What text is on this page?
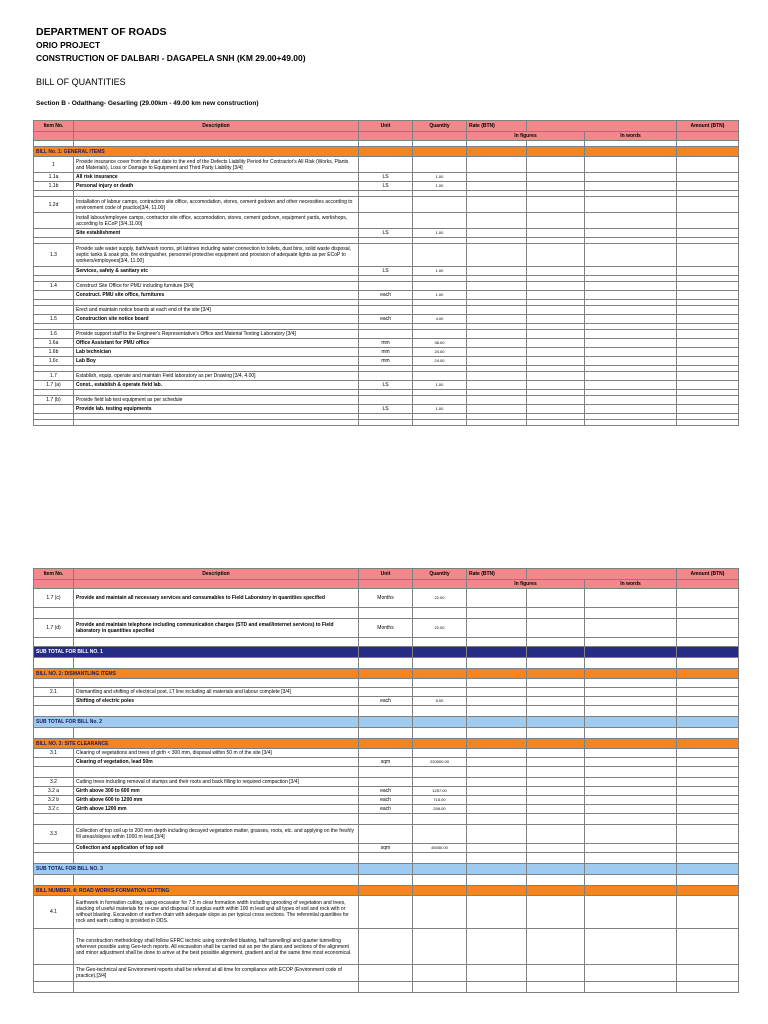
DEPARTMENT OF ROADS
ORIO PROJECT
CONSTRUCTION OF DALBARI - DAGAPELA SNH (KM 29.00+49.00)
BILL OF QUANTITIES
Section B - Odalthang- Gesarling (29.00km - 49.00 km new construction)
Item No.	Description	Unit	Quantity	Rate (BTN)			Amount (BTN)
				In figures		In words	

BILL No. 1: GENERAL ITEMS							
1	Provide insurance cover from the start date to the end of the Defects Liability Period for Contractor's All Risk (Works, Plants and Materials), Loss or Damage to Equipment and Third Party Liability [3/4]						
1.1a	All risk insurance	LS	1.00				
1.1b	Personal injury or death	LS	1.00				

1.2d	Installation of labour camps, contractors site office, accomodation, stores, cement godown and other necessities according to environment code of practice[3/4, 11.00]						
	Install labour/employee camps, contractor site office, accomodation, stores, cement godown, equipment yards, workshops, according to ECoP [3/4,11.00]						
	Site establishment	LS	1.00				

1.3	Provide safe water supply, bath/wash rooms, pit latrines including water connection to toilets, dust bins, solid waste disposal, septic tanks & soak pits, fire extinguisher, personnel protective equipment and provision of adequate lights as per ECoP to workers/employees[3/4, 11.00]						
	Services, safety & sanitary etc	LS	1.00				

1.4	Construct Site Office for PMU including furniture [3/4]						
	Construct. PMU site office, furnitures	each	1.00				

	Erect and maintain notice boards at each end of the site [3/4]						
1.5	Construction site notice board	each	4.00				

1.6	Provide support staff to the Engineer's Representative's Office and Material Testing Laboratory [3/4]						
1.6a	Office Assistant for PMU office	mm	36.00				
1.6b	Lab technician	mm	24.00				
1.6c	Lab Boy	mm	24.00				

1.7	Establish, equip, operate and maintain Field laboratory as per Drawing [3/4, 4.00]						
1.7 (a)	Const., establish & operate field lab.	LS	1.00				

1.7 (b)	Provide field lab test equipment as per schedule						
	Provide lab. testing equipments	LS	1.00				

Item No.	Description	Unit	Quantity	Rate (BTN)			Amount (BTN)
				In figures		In words	
1.7 (c)	Provide and maintain all necessary services and consumables to Field Laboratory in quantities specified	Months	22.00				

1.7 (d)	Provide and maintain telephone including communication charges (STD and email/internet services) to Field laboratory in quantities specified	Months	22.00				

SUB TOTAL FOR BILL NO. 1							

BILL NO. 2: DISMANTLING ITEMS							

2.1	Dismantling and shifting of electrical post, LT line including all materials and labour complete [3/4]						
	Shifting of electric poles	each	5.00				

SUB TOTAL FOR BILL No. 2							

BILL NO. 3: SITE CLEARANCE							
3.1	Clearing of vegetations and trees of girth < 300 mm, disposal within 50 m of the site [3/4]						
	Clearing of vegetation, lead 50m	sqm	220000.00				

3.2	Cutting trees including removal of stumps and their roots and back filling to required compaction [3/4]						
3.2 a	Girth above 300 to 600 mm	each	1257.00				
3.2 b	Girth above 600 to 1200 mm	each	715.00				
3.2 c	Girth above 1200 mm	each	206.00				

3.3	Collection of top soil up to 200 mm depth including decayed vegetation matter, grasses, roots, etc. and applying on the freshly fill areas/slopes within 1000 m lead.[3/4]						
	Collection and application of top soil	sqm	45000.00				

SUB TOTAL FOR BILL NO. 3							

BILL NUMBER. 4: ROAD WORKS-FORMATION CUTTING							
4.1	Earthwork in formation cutting, using excavator for 7.5 m clear formation width including uprooting of vegetation and trees, stacking of useful materials for re-use and disposal of surplus earth within 100 m lead and all types of soil and rock with or without blasting. Excavation of earthen drain with adequate slope as per typical cross sections. The referential quantities for rock and earth cutting is provided in DDS.						
	The construction methodology shall follow EFRC technic using controlled blasting, half tunnelling/ and quarter tunnelling wherever possible using Geo-tech reports. All excavation shall be carried out as per the plans and sections of the alignment and minor adjustment shall be done to arrive at the best possible alignment, gradient and at the same time most economical.						
	The Geo-technical and Environment reports shall be referred at all time for compliance with ECOP (Environment code of practice).[3/4]						
